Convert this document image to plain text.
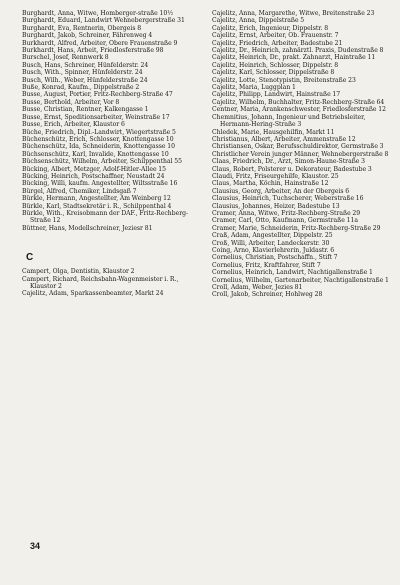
Burghardt, Anna, Witwe, Homberger-straße 10½
Burghardt, Eduard, Landwirt Wehnebergerstraße 31
Burghardt, Eva, Rentnerin, Obergeis 8
Burghardt, Jakob, Schreiner, Fährenweg 4
Burkhardt, Alfred, Arbeiter, Obere Frauenstraße 9
Burkhardt, Hans, Arbeit, Friedlosferstraße 98
Burschel, Josef, Rennwerk 8
Busch, Hans, Schreiner, Hünfelderstr. 24
Busch, With., Spinner, Hünfelderstr. 24
Busch, Wilh., Weber, Hünfelderstraße 24
Buße, Konrad, Kaufm., Dippelstraße 2
Busse, August, Portier, Fritz-Rechberg-Straße 47
Busse, Berthold, Arbeiter, Vor 8
Busse, Christian, Rentner, Kalkengasse 1
Busse, Ernst, Speditionsarbeiter, Weinstraße 17
Busse, Erich, Arbeiter, Klaustor 6
Büche, Friedrich, Dipl.-Landwirt, Wiegertstraße 5
Büchenschütz, Erich, Schlosser, Knottengasse 10
Büchenschütz, Ida, Schneiderin, Knottengasse 10
Büchsenschütz, Karl, Invalide, Knottengasse 10
Büchsenschütz, Wilhelm, Arbeiter, Schilppenthal 55
Bücking, Albert, Metzger, Adolf-Hitler-Allee 15
Bücking, Heinrich, Postschaffner, Neustadt 24
Bücking, Willi, kaufm. Angestellter, Wiltsstraße 16
Bürgel, Alfred, Chemiker, Lindsgaß 7
Bürkle, Hermann, Angestellter, Am Weinberg 12
Bürkle, Karl, Stadtsekretär i. R., Schilppenthal 4
Bürkle, With., Kreisobmann der DAF., Fritz-Rechberg-Straße 12
Büttner, Hans, Modellschreiner, Jeziesr 81
C
Campert, Olga, Dentistin, Klaustor 2
Campert, Richard, Reichsbahn-Wagenmeister i. R., Klaustor 2
Cajelitz, Adam, Sparkassenbeamter, Markt 24
Cajelitz, Anna, Margarethe, Witwe, Breitenstraße 23
Cajelitz, Anna, Dippelstraße 5
Cajelitz, Erich, Ingenieur, Dippelstr. 8
Cajelitz, Ernst, Arbeiter, Ob. Frauenstr. 7
Cajelitz, Friedrich, Arbeiter, Badestube 21
Cajelitz, Dr., Heinrich, zahnärztl. Praxis, Dudenstraße 8
Cajelitz, Heinrich, Dr., prakt. Zahnarzt, Haintraße 11
Cajelitz, Heinrich, Schlosser, Dippelstr. 8
Cajelitz, Karl, Schlosser, Dippelstraße 8
Cajelitz, Lotte, Stenotypistin, Breitenstraße 23
Cajelitz, Maria, Luggplan 1
Cajelitz, Philipp, Landwirt, Hainstraße 17
Cajelitz, Wilhelm, Buchhalter, Fritz-Rechberg-Straße 64
Centner, Maria, Arankenschwester, Friedlosferstraße 12
Chemnitius, Johann, Ingenieur und Betriebsleiter, Hermann-Hering-Straße 3
Chledek, Marie, Hausgehilfin, Markt 11
Christianus, Albert, Arbeiter, Ammenstraße 12
Christiansen, Oskar, Berufsschuldirektor, Germstraße 3
Christlicher Verein junger Männer, Wehnebergerstraße 8
Claas, Friedrich, Dr., Arzt, Simon-Haune-Straße 3
Claus, Robert, Polsterer u. Dekorateur, Badestube 3
Claudi, Fritz, Friseurgehilfe, Klaustor. 25
Claus, Martha, Köchin, Hainstraße 12
Clausius, Georg, Arbeiter, An der Obergeis 6
Clausius, Heinrich, Tuchscherer, Weberstraße 16
Clausius, Johannes, Heizer, Badestube 13
Cramer, Anna, Witwe, Fritz-Rechberg-Straße 29
Cramer, Carl, Otto, Kaufmann, Germstraße 11a
Cramer, Marie, Schneiderin, Fritz-Rechberg-Straße 29
Craß, Adam, Angestellter, Dippelstr. 25
Croß, Willi, Arbeiter, Landeckerstr. 30
Coing, Arno, Klavierlehrerin, Juldastr. 6
Cornelius, Christian, Postschaffn., Stift 7
Cornelius, Fritz, Kraftfahrer, Stift 7
Cornelius, Heinrich, Landwirt, Nachtigallenstraße 1
Cornelius, Wilhelm, Gartenarbeiter, Nachtigallenstraße 1
Croll, Adam, Weber, Jezies 81
Croll, Jakob, Schreiner, Hohlweg 28
34
